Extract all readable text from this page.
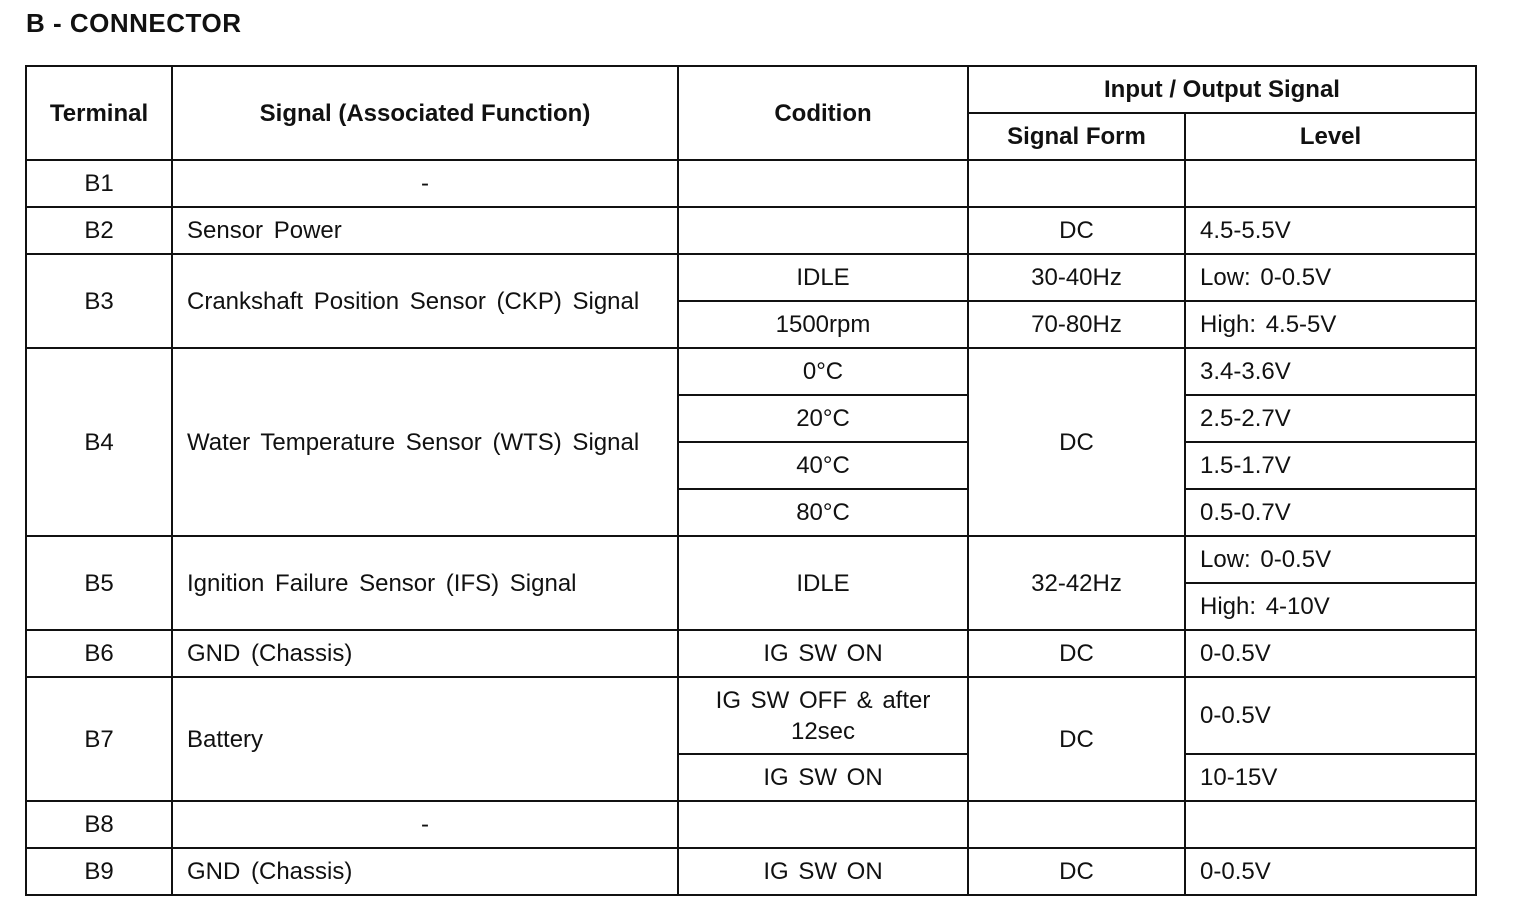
B - CONNECTOR
Terminal	Signal (Associated Function)	Codition	Input / Output Signal	
			Signal Form	Level
B1	-			
B2	Sensor Power		DC	4.5-5.5V
B3	Crankshaft Position Sensor (CKP) Signal	IDLE	30-40Hz	Low: 0-0.5V
		1500rpm	70-80Hz	High: 4.5-5V
B4	Water Temperature Sensor (WTS) Signal	0°C	DC	3.4-3.6V
		20°C		2.5-2.7V
		40°C		1.5-1.7V
		80°C		0.5-0.7V
B5	Ignition Failure Sensor (IFS) Signal	IDLE	32-42Hz	Low: 0-0.5V
				High: 4-10V
B6	GND (Chassis)	IG SW ON	DC	0-0.5V
B7	Battery	IG SW OFF & after 12sec	DC	0-0.5V
		IG SW ON		10-15V
B8	-			
B9	GND (Chassis)	IG SW ON	DC	0-0.5V
